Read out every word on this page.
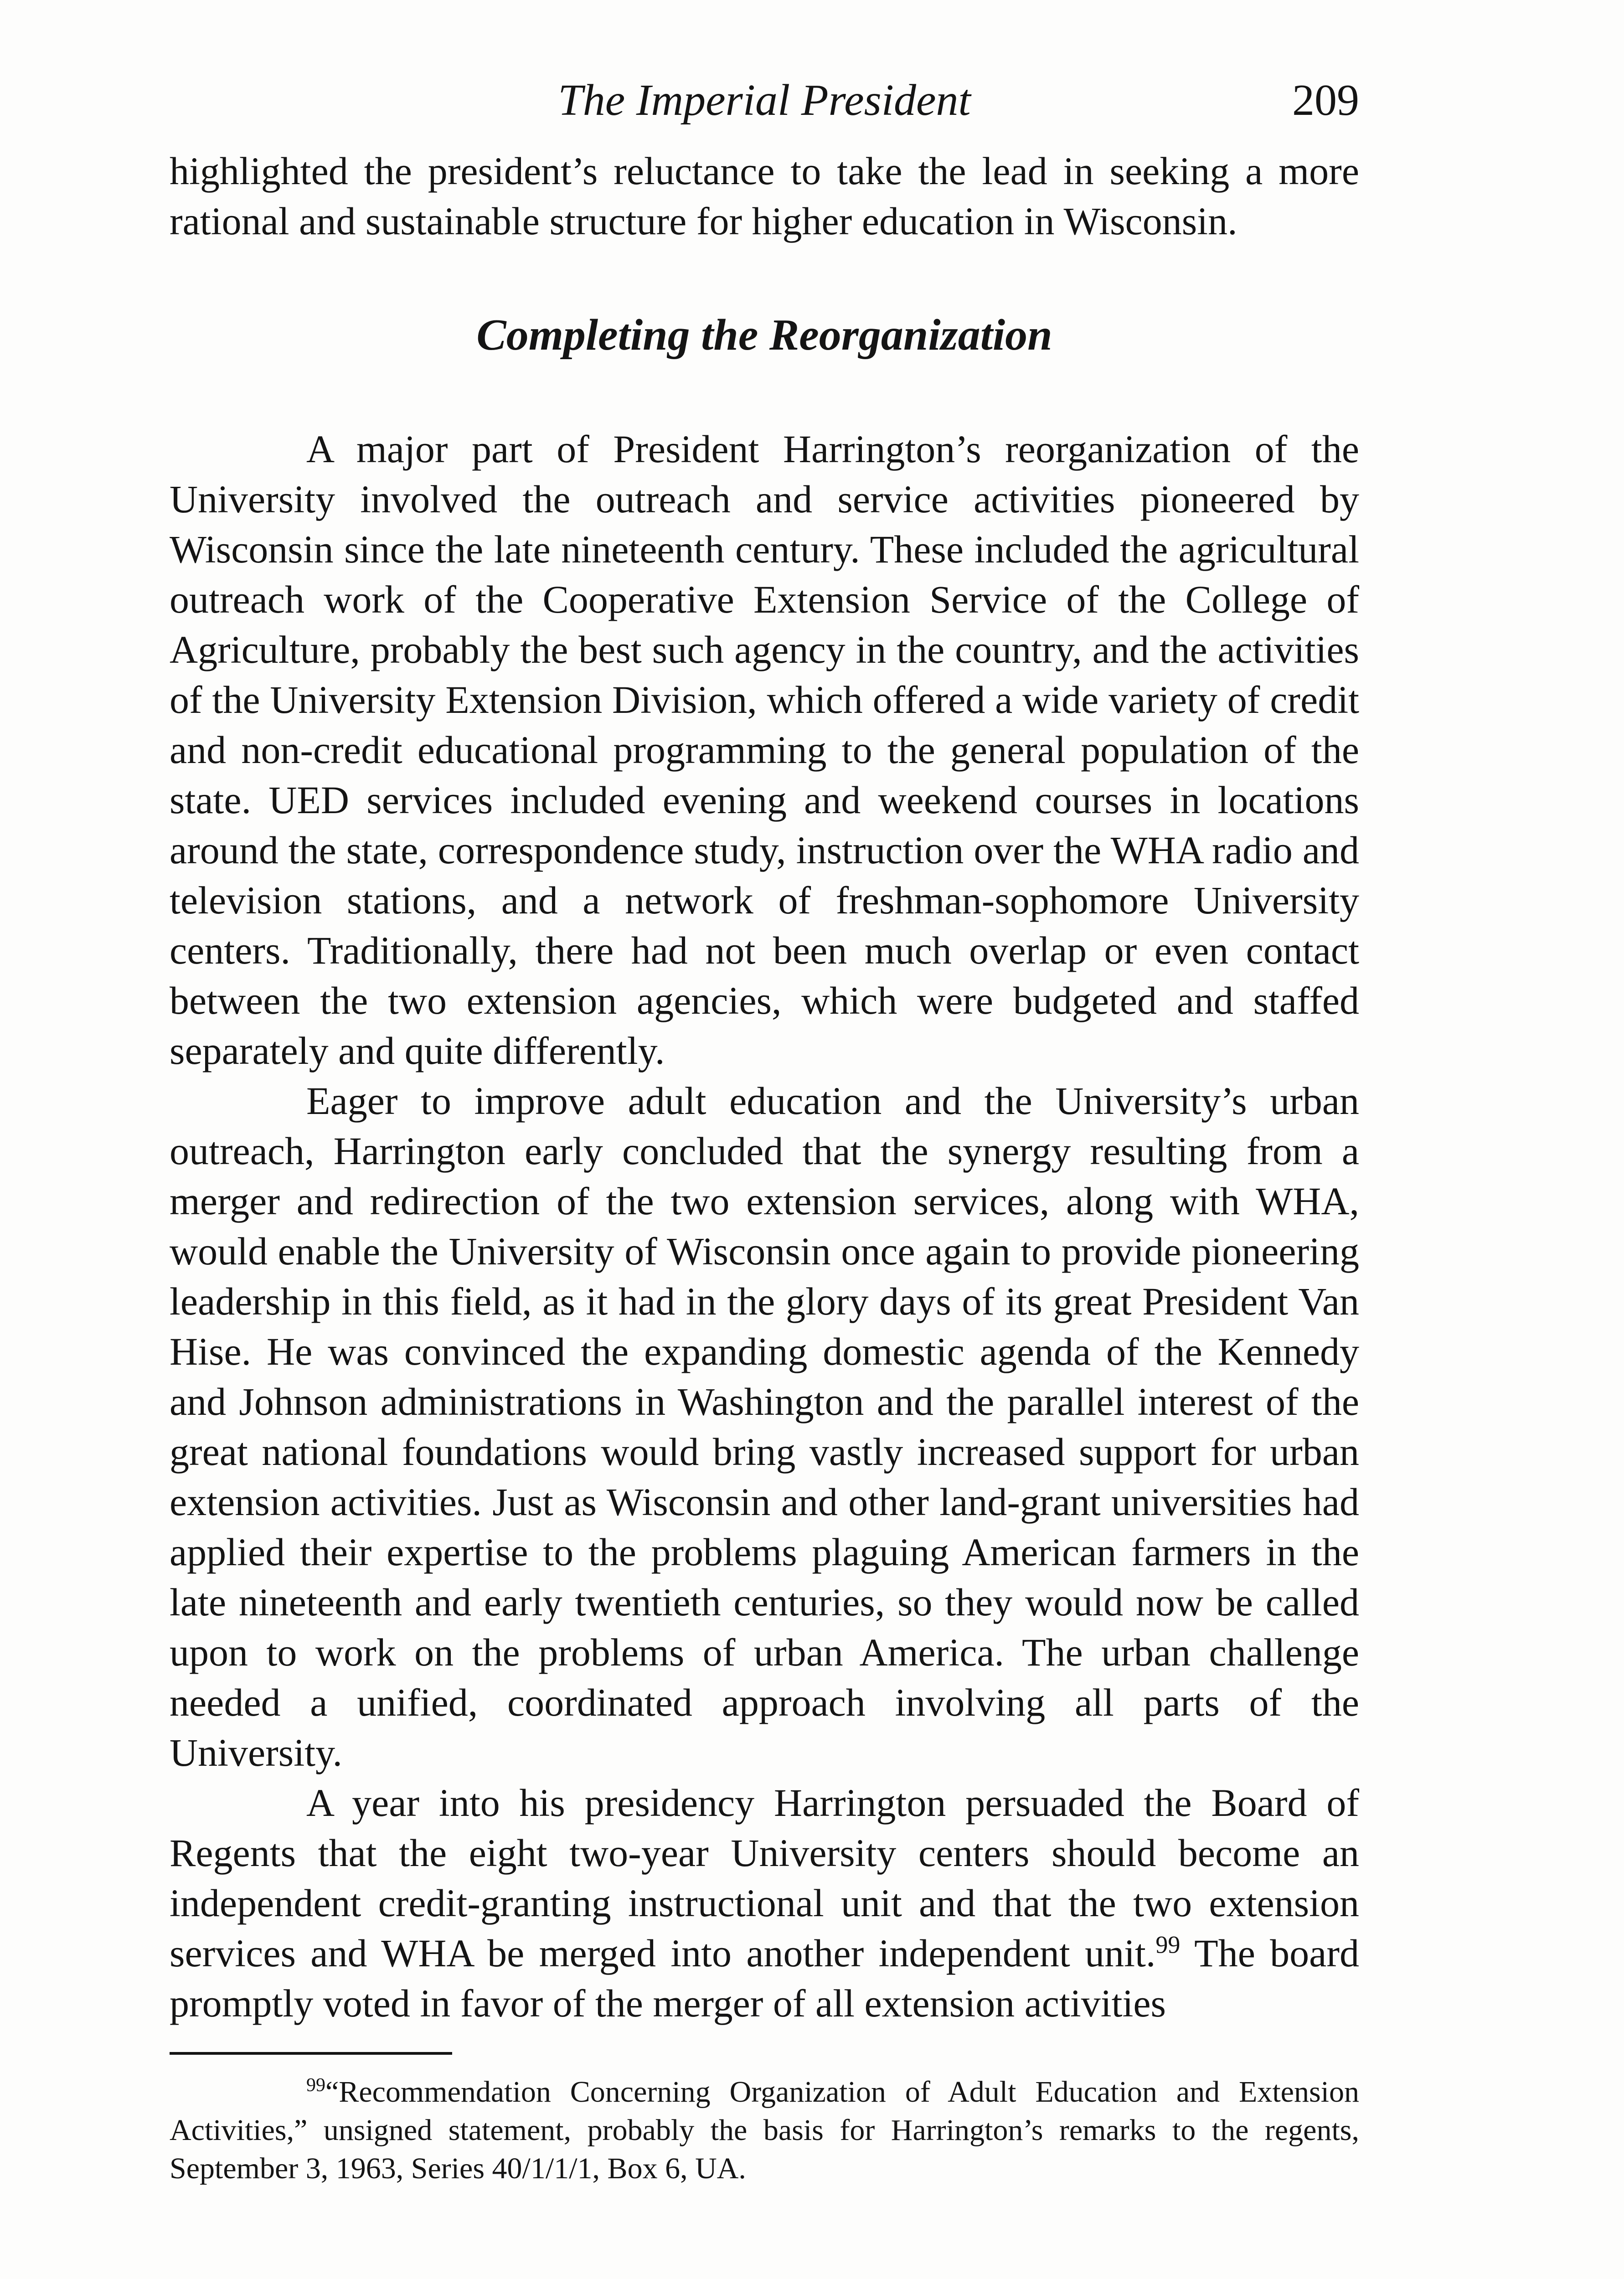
The Imperial President	209

highlighted the president’s reluctance to take the lead in seeking a more rational and sustainable structure for higher education in Wisconsin.

Completing the Reorganization

A major part of President Harrington’s reorganization of the University involved the outreach and service activities pioneered by Wisconsin since the late nineteenth century. These included the agricultural outreach work of the Cooperative Extension Service of the College of Agriculture, probably the best such agency in the country, and the activities of the University Extension Division, which offered a wide variety of credit and non-credit educational programming to the general population of the state. UED services included evening and weekend courses in locations around the state, correspondence study, instruction over the WHA radio and television stations, and a network of freshman-sophomore University centers. Traditionally, there had not been much overlap or even contact between the two extension agencies, which were budgeted and staffed separately and quite differently.

Eager to improve adult education and the University’s urban outreach, Harrington early concluded that the synergy resulting from a merger and redirection of the two extension services, along with WHA, would enable the University of Wisconsin once again to provide pioneering leadership in this field, as it had in the glory days of its great President Van Hise. He was convinced the expanding domestic agenda of the Kennedy and Johnson administrations in Washington and the parallel interest of the great national foundations would bring vastly increased support for urban extension activities. Just as Wisconsin and other land-grant universities had applied their expertise to the problems plaguing American farmers in the late nineteenth and early twentieth centuries, so they would now be called upon to work on the problems of urban America. The urban challenge needed a unified, coordinated approach involving all parts of the University.

A year into his presidency Harrington persuaded the Board of Regents that the eight two-year University centers should become an independent credit-granting instructional unit and that the two extension services and WHA be merged into another independent unit.$^{99}$ The board promptly voted in favor of the merger of all extension activities

$^{99}$“Recommendation Concerning Organization of Adult Education and Extension Activities,” unsigned statement, probably the basis for Harrington’s remarks to the regents, September 3, 1963, Series 40/1/1/1, Box 6, UA.
